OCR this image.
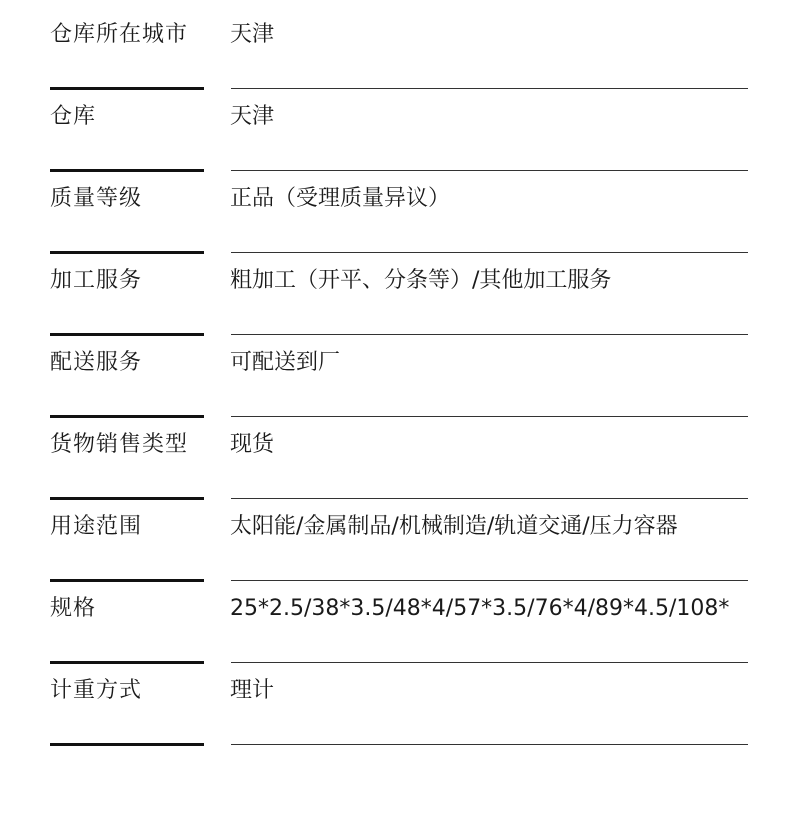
仓库所在城市 天津
仓库	天津
质量等级	正品（受理质量异议）
加工服务	粗加工（开平、分条等）/其他加工服务
配送服务	可配送到厂
货物销售类型 现货
用途范围	太阳能/金属制品/机械制造/轨道交通/压力容器
规格	25*2.5/38*3.5/48*4/57*3.5/76*4/89*4.5/108*
计重方式	理计
